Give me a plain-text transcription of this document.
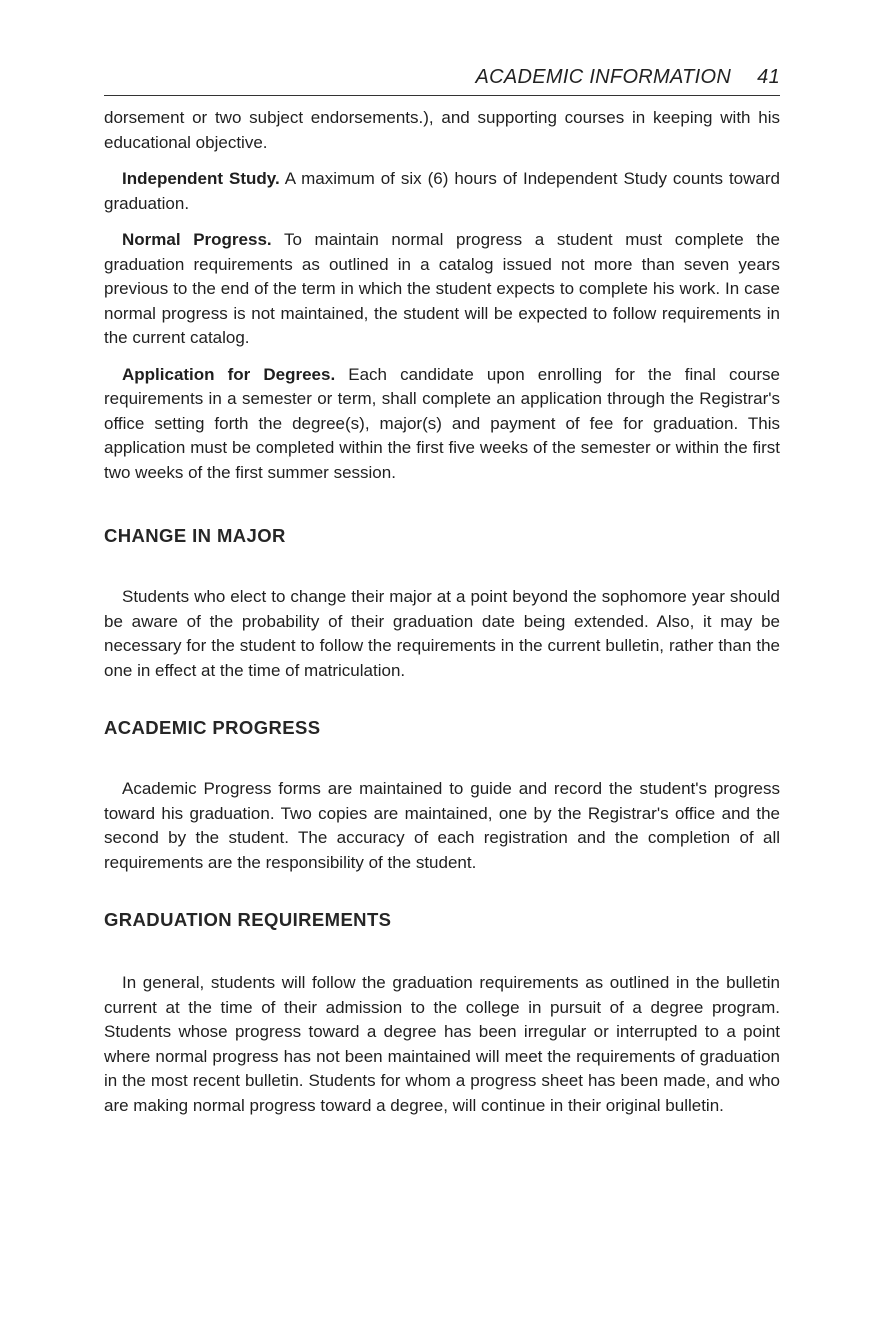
ACADEMIC INFORMATION 41

dorsement or two subject endorsements.), and supporting courses in keeping with his educational objective.

Independent Study. A maximum of six (6) hours of Independent Study counts toward graduation.

Normal Progress. To maintain normal progress a student must complete the graduation requirements as outlined in a catalog issued not more than seven years previous to the end of the term in which the student expects to complete his work. In case normal progress is not maintained, the student will be expected to follow requirements in the current catalog.

Application for Degrees. Each candidate upon enrolling for the final course requirements in a semester or term, shall complete an application through the Registrar's office setting forth the degree(s), major(s) and payment of fee for graduation. This application must be completed within the first five weeks of the semester or within the first two weeks of the first summer session.

CHANGE IN MAJOR

Students who elect to change their major at a point beyond the sophomore year should be aware of the probability of their graduation date being extended. Also, it may be necessary for the student to follow the requirements in the current bulletin, rather than the one in effect at the time of matriculation.

ACADEMIC PROGRESS

Academic Progress forms are maintained to guide and record the student's progress toward his graduation. Two copies are maintained, one by the Registrar's office and the second by the student. The accuracy of each registration and the completion of all requirements are the responsibility of the student.

GRADUATION REQUIREMENTS

In general, students will follow the graduation requirements as outlined in the bulletin current at the time of their admission to the college in pursuit of a degree program. Students whose progress toward a degree has been irregular or interrupted to a point where normal progress has not been maintained will meet the requirements of graduation in the most recent bulletin. Students for whom a progress sheet has been made, and who are making normal progress toward a degree, will continue in their original bulletin.
